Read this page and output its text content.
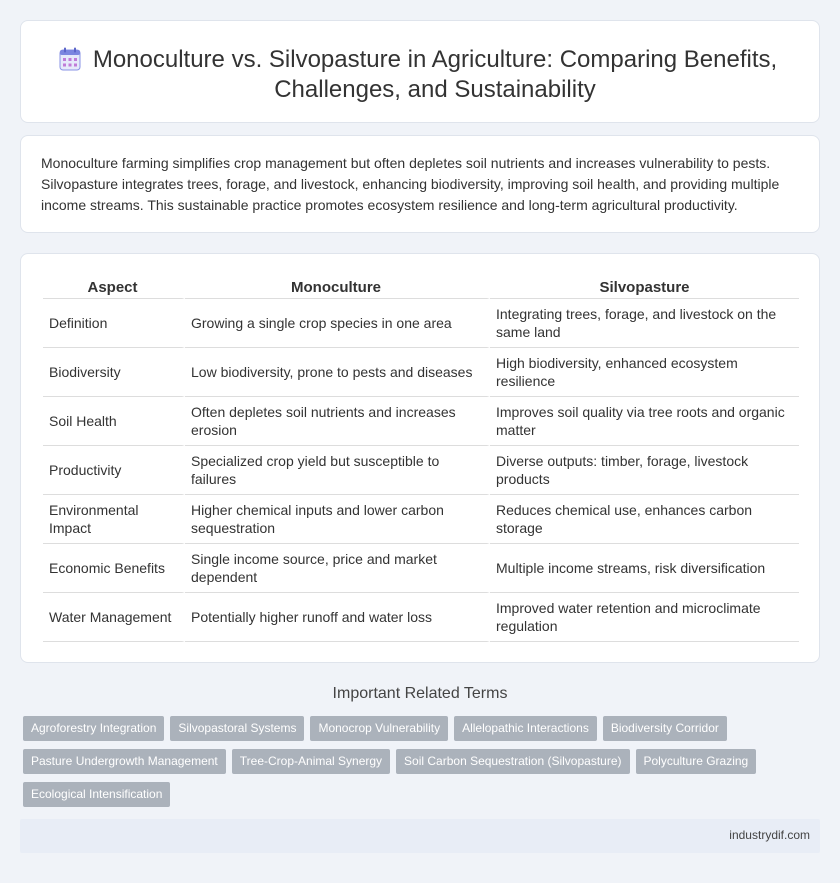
Monoculture vs. Silvopasture in Agriculture: Comparing Benefits, Challenges, and Sustainability

Monoculture farming simplifies crop management but often depletes soil nutrients and increases vulnerability to pests. Silvopasture integrates trees, forage, and livestock, enhancing biodiversity, improving soil health, and providing multiple income streams. This sustainable practice promotes ecosystem resilience and long-term agricultural productivity.

Aspect	Monoculture	Silvopasture
Definition	Growing a single crop species in one area	Integrating trees, forage, and livestock on the same land
Biodiversity	Low biodiversity, prone to pests and diseases	High biodiversity, enhanced ecosystem resilience
Soil Health	Often depletes soil nutrients and increases erosion	Improves soil quality via tree roots and organic matter
Productivity	Specialized crop yield but susceptible to failures	Diverse outputs: timber, forage, livestock products
Environmental Impact	Higher chemical inputs and lower carbon sequestration	Reduces chemical use, enhances carbon storage
Economic Benefits	Single income source, price and market dependent	Multiple income streams, risk diversification
Water Management	Potentially higher runoff and water loss	Improved water retention and microclimate regulation
Important Related Terms
Agroforestry Integration	Silvopastoral Systems	Monocrop Vulnerability	Allelopathic Interactions	Biodiversity Corridor
Pasture Undergrowth Management	Tree-Crop-Animal Synergy	Soil Carbon Sequestration (Silvopasture)	Polyculture Grazing
Ecological Intensification
industrydif.com
